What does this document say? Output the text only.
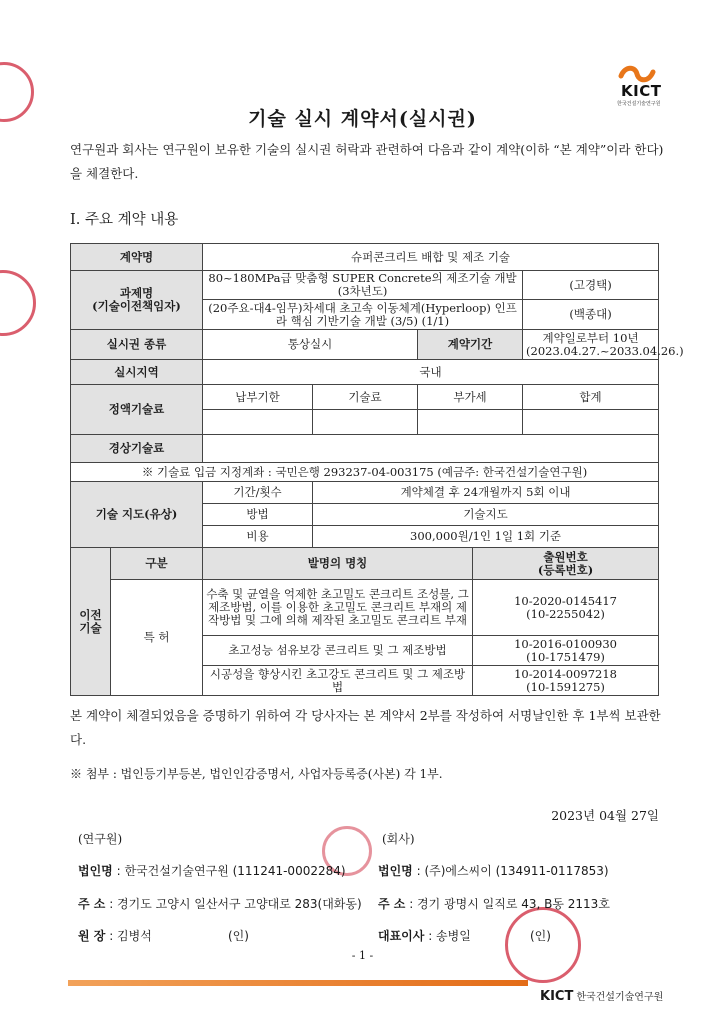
KICT
한국건설기술연구원
기술 실시 계약서(실시권)
연구원과 회사는 연구원이 보유한 기술의 실시권 허락과 관련하여 다음과 같이 계약(이하 “본 계약”이라 한다)을 체결한다.
I. 주요 계약 내용
계약명		슈퍼콘크리트 배합 및 제조 기술				
과제명
(기술이전책임자)		80~180MPa급 맞춤형 SUPER Concrete의 제조기술 개발(3차년도)				(고경택)
		(20주요-대4-임무)차세대 초고속 이동체계(Hyperloop) 인프라 핵심 기반기술 개발 (3/5) (1/1)				(백종대)
실시권 종류		통상실시		계약기간		계약일로부터 10년
(2023.04.27.~2033.04.26.)

실시지역		국내				
정액기술료		납부기한	기술료	부가세		합계

경상기술료						
※ 기술료 입금 지정계좌 : 국민은행 293237-04-003175 (예금주: 한국건설기술연구원)						
기술 지도(유상)		기간/횟수	계약체결 후 24개월까지 5회 이내			
		방법	기술지도			
		비용	300,000원/1인 1일 1회 기준			
이전
기술	구분	발명의 명칭			출원번호
(등록번호)	
	특 허	수축 및 균열을 억제한 초고밀도 콘크리트 조성물, 그 제조방법, 이를 이용한 초고밀도 콘크리트 부재의 제작방법 및 그에 의해 제작된 초고밀도 콘크리트 부재			10-2020-0145417
(10-2255042)	

		초고성능 섬유보강 콘크리트 및 그 제조방법			10-2016-0100930
(10-1751479)	

		시공성을 향상시킨 초고강도 콘크리트 및 그 제조방법			10-2014-0097218
(10-1591275)	
본 계약이 체결되었음을 증명하기 위하여 각 당사자는 본 계약서 2부를 작성하여 서명날인한 후 1부씩 보관한다.
※ 첨부 : 법인등기부등본, 법인인감증명서, 사업자등록증(사본) 각 1부.
2023년 04월 27일
(연구원)
법인명 : 한국건설기술연구원 (111241-0002284)
주 소 : 경기도 고양시 일산서구 고양대로 283(대화동)
원 장 : 김병석	(인)
(회사)
법인명 : (주)에스씨이 (134911-0117853)
주 소 : 경기 광명시 일직로 43, B동 2113호
대표이사 : 송병일	(인)
- 1 -
KICT 한국건설기술연구원
